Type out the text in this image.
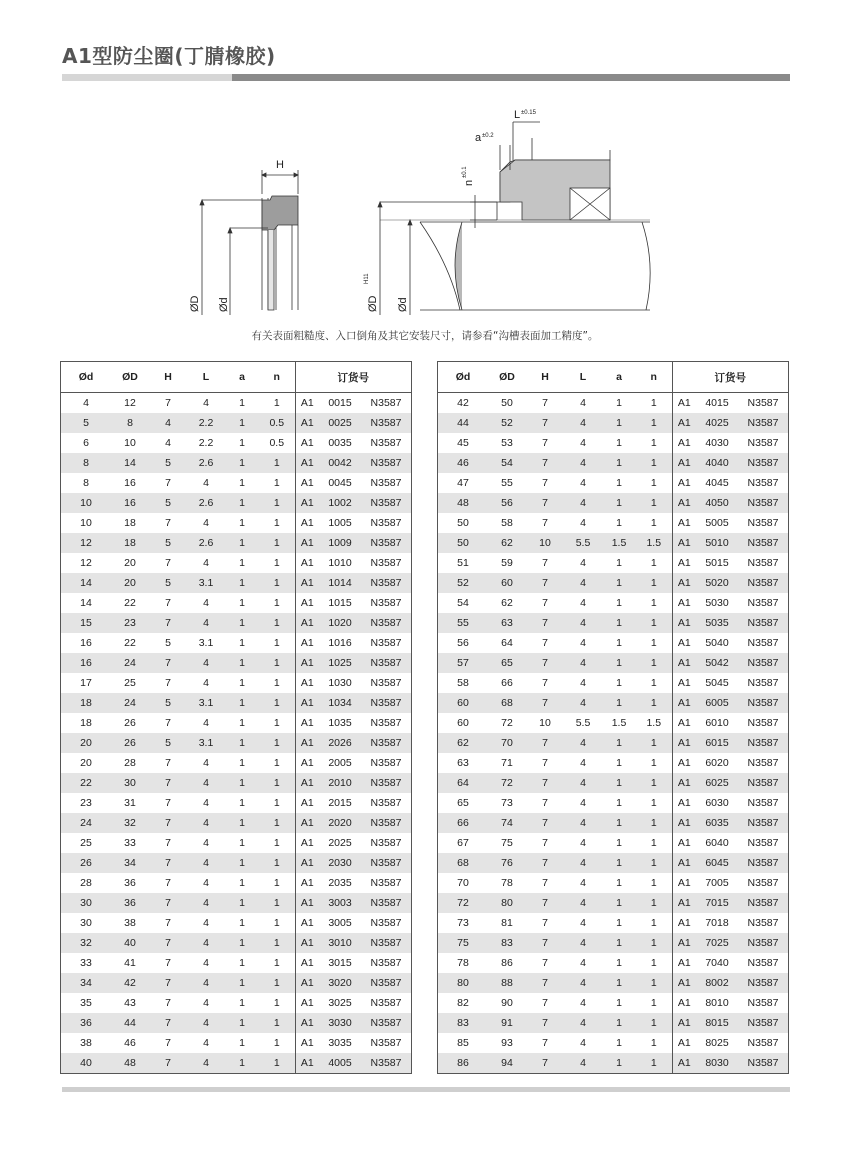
A1型防尘圈(丁腈橡胶)
H
ØD Ød	ØD
H11
Ød
L ±0.15
a ±0.2
n
±0.1
有关表面粗糙度、入口倒角及其它安装尺寸，请参看“沟槽表面加工精度”。
Ød	ØD	H	L	a	n	订货号		
4	12	7	4	1	1	A1	0015	N3587
5	8	4	2.2	1	0.5	A1	0025	N3587
6	10	4	2.2	1	0.5	A1	0035	N3587
8	14	5	2.6	1	1	A1	0042	N3587
8	16	7	4	1	1	A1	0045	N3587
10	16	5	2.6	1	1	A1	1002	N3587
10	18	7	4	1	1	A1	1005	N3587
12	18	5	2.6	1	1	A1	1009	N3587
12	20	7	4	1	1	A1	1010	N3587
14	20	5	3.1	1	1	A1	1014	N3587
14	22	7	4	1	1	A1	1015	N3587
15	23	7	4	1	1	A1	1020	N3587
16	22	5	3.1	1	1	A1	1016	N3587
16	24	7	4	1	1	A1	1025	N3587
17	25	7	4	1	1	A1	1030	N3587
18	24	5	3.1	1	1	A1	1034	N3587
18	26	7	4	1	1	A1	1035	N3587
20	26	5	3.1	1	1	A1	2026	N3587
20	28	7	4	1	1	A1	2005	N3587
22	30	7	4	1	1	A1	2010	N3587
23	31	7	4	1	1	A1	2015	N3587
24	32	7	4	1	1	A1	2020	N3587
25	33	7	4	1	1	A1	2025	N3587
26	34	7	4	1	1	A1	2030	N3587
28	36	7	4	1	1	A1	2035	N3587
30	36	7	4	1	1	A1	3003	N3587
30	38	7	4	1	1	A1	3005	N3587
32	40	7	4	1	1	A1	3010	N3587
33	41	7	4	1	1	A1	3015	N3587
34	42	7	4	1	1	A1	3020	N3587
35	43	7	4	1	1	A1	3025	N3587
36	44	7	4	1	1	A1	3030	N3587
38	46	7	4	1	1	A1	3035	N3587
40	48	7	4	1	1	A1	4005	N3587
Ød	ØD	H	L	a	n	订货号		
42	50	7	4	1	1	A1	4015	N3587
44	52	7	4	1	1	A1	4025	N3587
45	53	7	4	1	1	A1	4030	N3587
46	54	7	4	1	1	A1	4040	N3587
47	55	7	4	1	1	A1	4045	N3587
48	56	7	4	1	1	A1	4050	N3587
50	58	7	4	1	1	A1	5005	N3587
50	62	10	5.5	1.5	1.5	A1	5010	N3587
51	59	7	4	1	1	A1	5015	N3587
52	60	7	4	1	1	A1	5020	N3587
54	62	7	4	1	1	A1	5030	N3587
55	63	7	4	1	1	A1	5035	N3587
56	64	7	4	1	1	A1	5040	N3587
57	65	7	4	1	1	A1	5042	N3587
58	66	7	4	1	1	A1	5045	N3587
60	68	7	4	1	1	A1	6005	N3587
60	72	10	5.5	1.5	1.5	A1	6010	N3587
62	70	7	4	1	1	A1	6015	N3587
63	71	7	4	1	1	A1	6020	N3587
64	72	7	4	1	1	A1	6025	N3587
65	73	7	4	1	1	A1	6030	N3587
66	74	7	4	1	1	A1	6035	N3587
67	75	7	4	1	1	A1	6040	N3587
68	76	7	4	1	1	A1	6045	N3587
70	78	7	4	1	1	A1	7005	N3587
72	80	7	4	1	1	A1	7015	N3587
73	81	7	4	1	1	A1	7018	N3587
75	83	7	4	1	1	A1	7025	N3587
78	86	7	4	1	1	A1	7040	N3587
80	88	7	4	1	1	A1	8002	N3587
82	90	7	4	1	1	A1	8010	N3587
83	91	7	4	1	1	A1	8015	N3587
85	93	7	4	1	1	A1	8025	N3587
86	94	7	4	1	1	A1	8030	N3587
